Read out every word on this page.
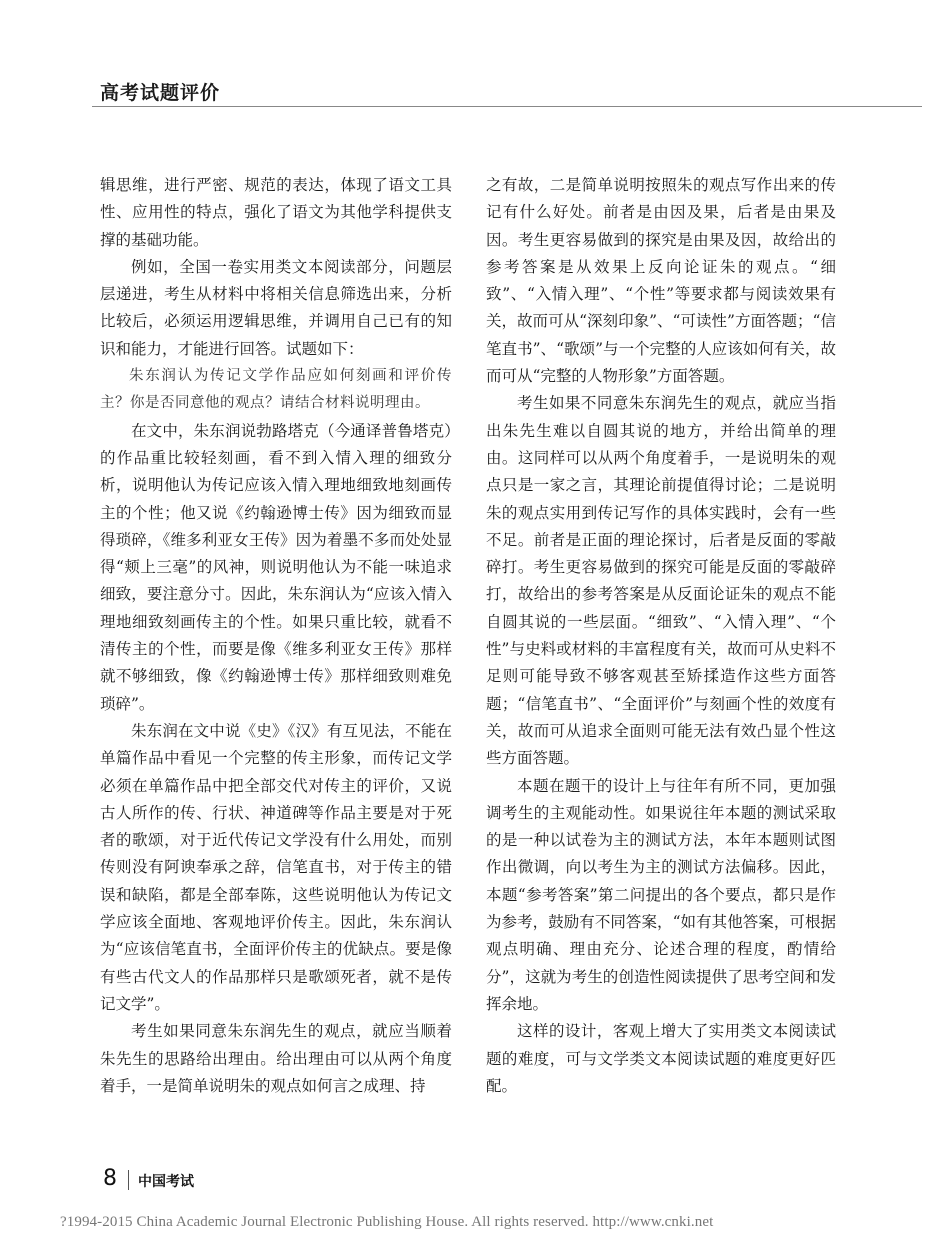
高考试题评价

辑思维，进行严密、规范的表达，体现了语文工具性、应用性的特点，强化了语文为其他学科提供支撑的基础功能。

例如，全国一卷实用类文本阅读部分，问题层层递进，考生从材料中将相关信息筛选出来，分析比较后，必须运用逻辑思维，并调用自己已有的知识和能力，才能进行回答。试题如下：

朱东润认为传记文学作品应如何刻画和评价传主？你是否同意他的观点？请结合材料说明理由。

在文中，朱东润说勃路塔克（今通译普鲁塔克）的作品重比较轻刻画，看不到入情入理的细致分析，说明他认为传记应该入情入理地细致地刻画传主的个性；他又说《约翰逊博士传》因为细致而显得琐碎，《维多利亚女王传》因为着墨不多而处处显得“颊上三毫”的风神，则说明他认为不能一味追求细致，要注意分寸。因此，朱东润认为“应该入情入理地细致刻画传主的个性。如果只重比较，就看不清传主的个性，而要是像《维多利亚女王传》那样就不够细致，像《约翰逊博士传》那样细致则难免琐碎”。

朱东润在文中说《史》《汉》有互见法，不能在单篇作品中看见一个完整的传主形象，而传记文学必须在单篇作品中把全部交代对传主的评价，又说古人所作的传、行状、神道碑等作品主要是对于死者的歌颂，对于近代传记文学没有什么用处，而别传则没有阿谀奉承之辞，信笔直书，对于传主的错误和缺陷，都是全部奉陈，这些说明他认为传记文学应该全面地、客观地评价传主。因此，朱东润认为“应该信笔直书，全面评价传主的优缺点。要是像有些古代文人的作品那样只是歌颂死者，就不是传记文学”。

考生如果同意朱东润先生的观点，就应当顺着朱先生的思路给出理由。给出理由可以从两个角度着手，一是简单说明朱的观点如何言之成理、持

之有故，二是简单说明按照朱的观点写作出来的传记有什么好处。前者是由因及果，后者是由果及因。考生更容易做到的探究是由果及因，故给出的参考答案是从效果上反向论证朱的观点。“细致”、“入情入理”、“个性”等要求都与阅读效果有关，故而可从“深刻印象”、“可读性”方面答题；“信笔直书”、“歌颂”与一个完整的人应该如何有关，故而可从“完整的人物形象”方面答题。

考生如果不同意朱东润先生的观点，就应当指出朱先生难以自圆其说的地方，并给出简单的理由。这同样可以从两个角度着手，一是说明朱的观点只是一家之言，其理论前提值得讨论；二是说明朱的观点实用到传记写作的具体实践时，会有一些不足。前者是正面的理论探讨，后者是反面的零敲碎打。考生更容易做到的探究可能是反面的零敲碎打，故给出的参考答案是从反面论证朱的观点不能自圆其说的一些层面。“细致”、“入情入理”、“个性”与史料或材料的丰富程度有关，故而可从史料不足则可能导致不够客观甚至矫揉造作这些方面答题；“信笔直书”、“全面评价”与刻画个性的效度有关，故而可从追求全面则可能无法有效凸显个性这些方面答题。

本题在题干的设计上与往年有所不同，更加强调考生的主观能动性。如果说往年本题的测试采取的是一种以试卷为主的测试方法，本年本题则试图作出微调，向以考生为主的测试方法偏移。因此，本题“参考答案”第二问提出的各个要点，都只是作为参考，鼓励有不同答案，“如有其他答案，可根据观点明确、理由充分、论述合理的程度，酌情给分”，这就为考生的创造性阅读提供了思考空间和发挥余地。

这样的设计，客观上增大了实用类文本阅读试题的难度，可与文学类文本阅读试题的难度更好匹配。

8 中国考试
?1994-2015 China Academic Journal Electronic Publishing House. All rights reserved. http://www.cnki.net
